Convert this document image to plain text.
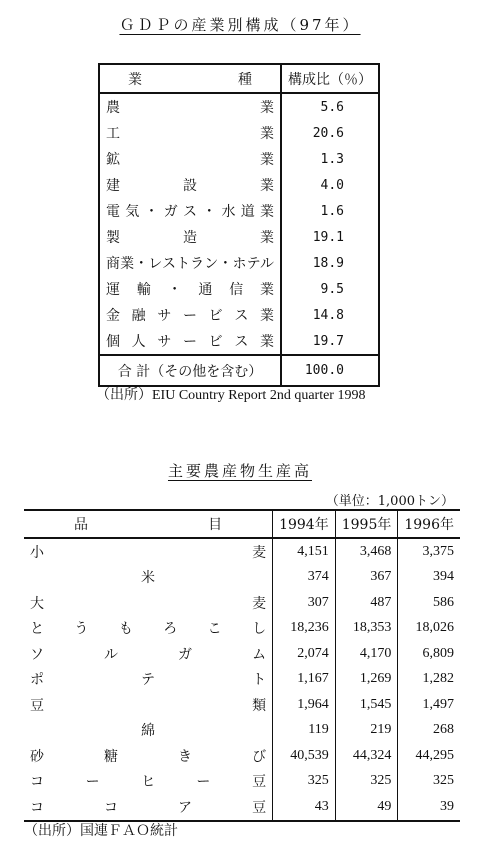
ＧＤＰの産業別構成（97年）
業　　種	構成比（％）
農業	5.6
工業	20.6
鉱業	1.3
建設業	4.0
電気・ガス・水道業	1.6
製造業	19.1
商業・レストラン・ホテル	18.9
運輸・通信業	9.5
金融サービス業	14.8
個人サービス業	19.7
合 計（その他を含む）	100.0
（出所）EIU Country Report 2nd quarter 1998
主要農産物生産高
（単位：1,000トン）
品　目	1994年	1995年	1996年
小麦	4,151	3,468	3,375
米	374	367	394
大麦	307	487	586
とうもろこし	18,236	18,353	18,026
ソルガム	2,074	4,170	6,809
ポテト	1,167	1,269	1,282
豆類	1,964	1,545	1,497
綿	119	219	268
砂糖きび	40,539	44,324	44,295
コーヒー豆	325	325	325
ココア豆	43	49	39
（出所）国連ＦＡＯ統計
